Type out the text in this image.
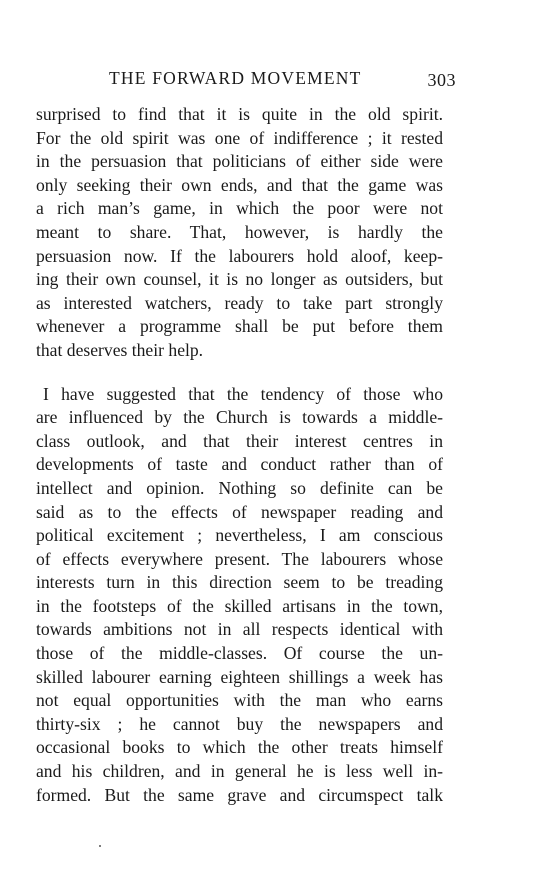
THE FORWARD MOVEMENT	303
surprised to find that it is quite in the old spirit.
For the old spirit was one of indifference ; it rested
in the persuasion that politicians of either side were
only seeking their own ends, and that the game was
a rich man’s game, in which the poor were not
meant to share. That, however, is hardly the
persuasion now. If the labourers hold aloof, keep-
ing their own counsel, it is no longer as outsiders, but
as interested watchers, ready to take part strongly
whenever a programme shall be put before them
that deserves their help.
I have suggested that the tendency of those who
are influenced by the Church is towards a middle-
class outlook, and that their interest centres in
developments of taste and conduct rather than of
intellect and opinion. Nothing so definite can be
said as to the effects of newspaper reading and
political excitement ; nevertheless, I am conscious
of effects everywhere present. The labourers whose
interests turn in this direction seem to be treading
in the footsteps of the skilled artisans in the town,
towards ambitions not in all respects identical with
those of the middle-classes. Of course the un-
skilled labourer earning eighteen shillings a week has
not equal opportunities with the man who earns
thirty-six ; he cannot buy the newspapers and
occasional books to which the other treats himself
and his children, and in general he is less well in-
formed. But the same grave and circumspect talk
